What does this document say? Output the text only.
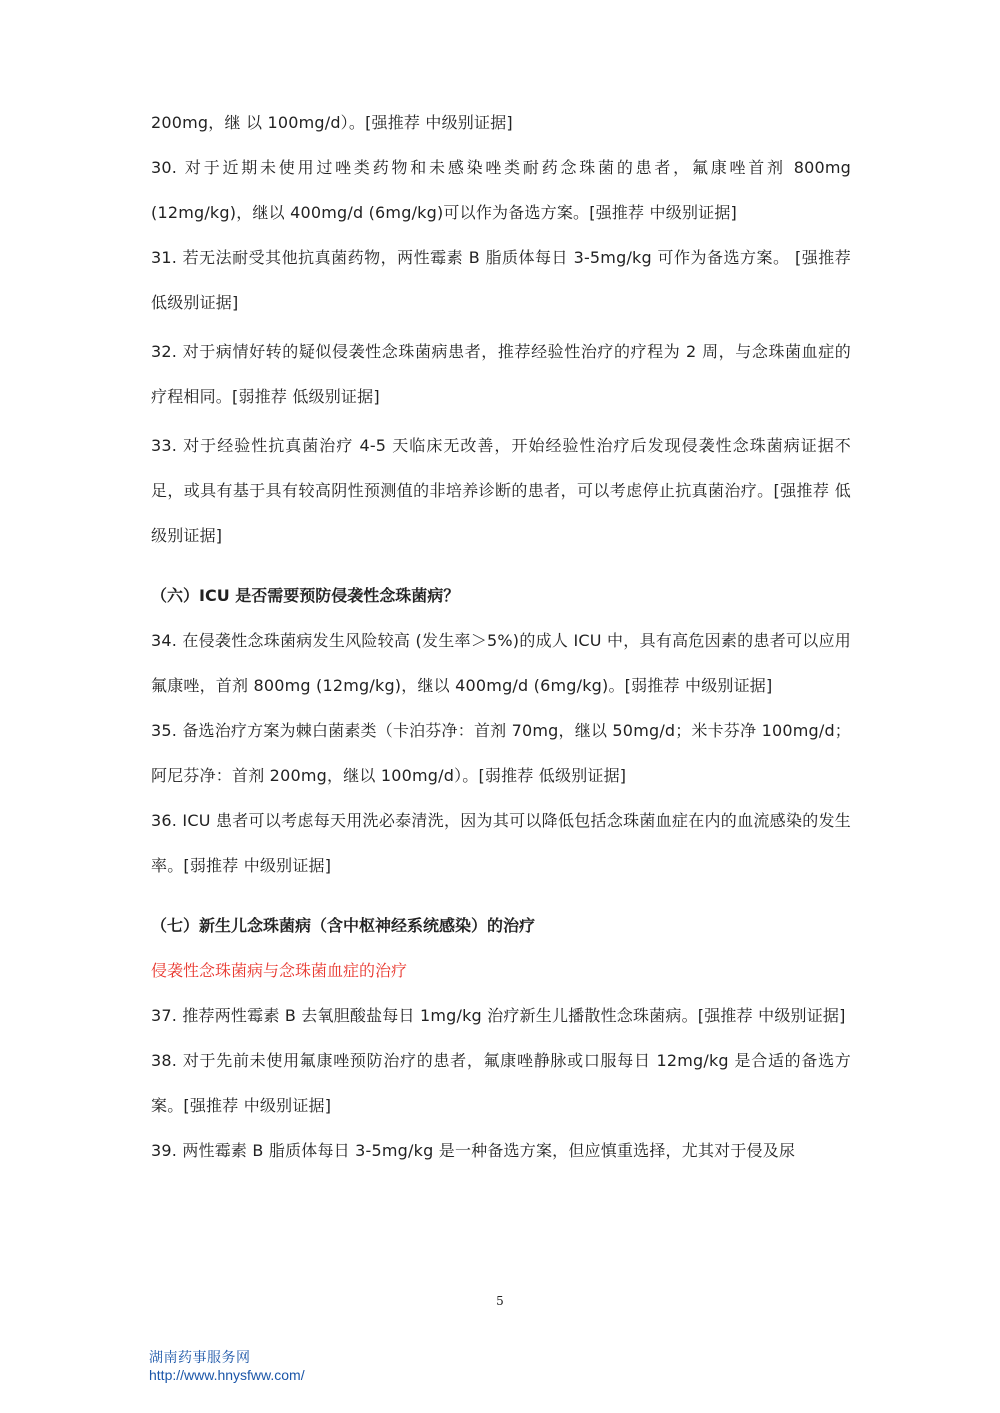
200mg，继 以 100mg/d）。[强推荐 中级别证据]

30. 对于近期未使用过唑类药物和未感染唑类耐药念珠菌的患者，氟康唑首剂 800mg (12mg/kg)，继以 400mg/d (6mg/kg)可以作为备选方案。[强推荐 中级别证据]

31. 若无法耐受其他抗真菌药物，两性霉素 B 脂质体每日 3-5mg/kg 可作为备选方案。 [强推荐 低级别证据]

32. 对于病情好转的疑似侵袭性念珠菌病患者，推荐经验性治疗的疗程为 2 周，与念珠菌血症的疗程相同。[弱推荐 低级别证据]

33. 对于经验性抗真菌治疗 4-5 天临床无改善，开始经验性治疗后发现侵袭性念珠菌病证据不足，或具有基于具有较高阴性预测值的非培养诊断的患者，可以考虑停止抗真菌治疗。[强推荐 低级别证据]

（六）ICU 是否需要预防侵袭性念珠菌病？

34. 在侵袭性念珠菌病发生风险较高 (发生率＞5%)的成人 ICU 中，具有高危因素的患者可以应用氟康唑，首剂 800mg (12mg/kg)，继以 400mg/d (6mg/kg)。[弱推荐 中级别证据]

35. 备选治疗方案为棘白菌素类（卡泊芬净：首剂 70mg，继以 50mg/d；米卡芬净 100mg/d；阿尼芬净：首剂 200mg，继以 100mg/d）。[弱推荐 低级别证据]

36. ICU 患者可以考虑每天用洗必泰清洗，因为其可以降低包括念珠菌血症在内的血流感染的发生率。[弱推荐 中级别证据]

（七）新生儿念珠菌病（含中枢神经系统感染）的治疗

侵袭性念珠菌病与念珠菌血症的治疗

37. 推荐两性霉素 B 去氧胆酸盐每日 1mg/kg 治疗新生儿播散性念珠菌病。[强推荐 中级别证据]

38. 对于先前未使用氟康唑预防治疗的患者，氟康唑静脉或口服每日 12mg/kg 是合适的备选方案。[强推荐 中级别证据]

39. 两性霉素 B 脂质体每日 3-5mg/kg 是一种备选方案，但应慎重选择，尤其对于侵及尿

5
湖南药事服务网
http://www.hnysfww.com/
